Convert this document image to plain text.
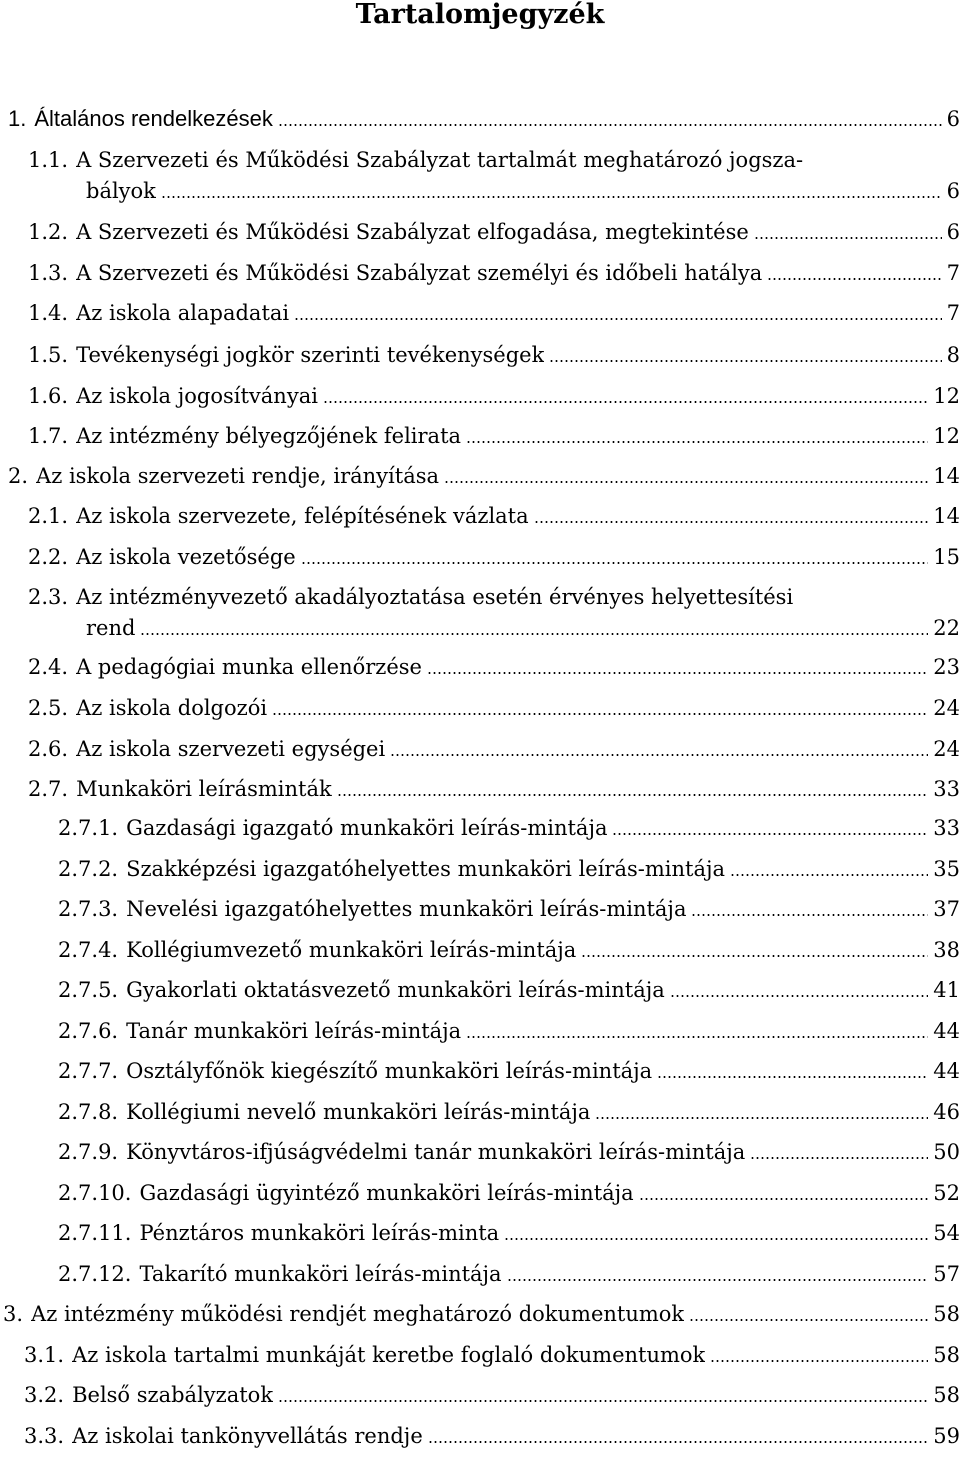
Tartalomjegyzék
1. Általános rendelkezések	6
1.1. A Szervezeti és Működési Szabályzat tartalmát meghatározó jogsza-
bályok	6
1.2. A Szervezeti és Működési Szabályzat elfogadása, megtekintése	6
1.3. A Szervezeti és Működési Szabályzat személyi és időbeli hatálya	7
1.4. Az iskola alapadatai	7
1.5. Tevékenységi jogkör szerinti tevékenységek	8
1.6. Az iskola jogosítványai	12
1.7. Az intézmény bélyegzőjének felirata	12
2. Az iskola szervezeti rendje, irányítása	14
2.1. Az iskola szervezete, felépítésének vázlata	14
2.2. Az iskola vezetősége	15
2.3. Az intézményvezető akadályoztatása esetén érvényes helyettesítési
rend	22
2.4. A pedagógiai munka ellenőrzése	23
2.5. Az iskola dolgozói	24
2.6. Az iskola szervezeti egységei	24
2.7. Munkaköri leírásminták	33
2.7.1. Gazdasági igazgató munkaköri leírás-mintája	33
2.7.2. Szakképzési igazgatóhelyettes munkaköri leírás-mintája	35
2.7.3. Nevelési igazgatóhelyettes munkaköri leírás-mintája	37
2.7.4. Kollégiumvezető munkaköri leírás-mintája	38
2.7.5. Gyakorlati oktatásvezető munkaköri leírás-mintája	41
2.7.6. Tanár munkaköri leírás-mintája	44
2.7.7. Osztályfőnök kiegészítő munkaköri leírás-mintája	44
2.7.8. Kollégiumi nevelő munkaköri leírás-mintája	46
2.7.9. Könyvtáros-ifjúságvédelmi tanár munkaköri leírás-mintája	50
2.7.10. Gazdasági ügyintéző munkaköri leírás-mintája	52
2.7.11. Pénztáros munkaköri leírás-minta	54
2.7.12. Takarító munkaköri leírás-mintája	57
3. Az intézmény működési rendjét meghatározó dokumentumok	58
3.1. Az iskola tartalmi munkáját keretbe foglaló dokumentumok	58
3.2. Belső szabályzatok	58
3.3. Az iskolai tankönyvellátás rendje	59
